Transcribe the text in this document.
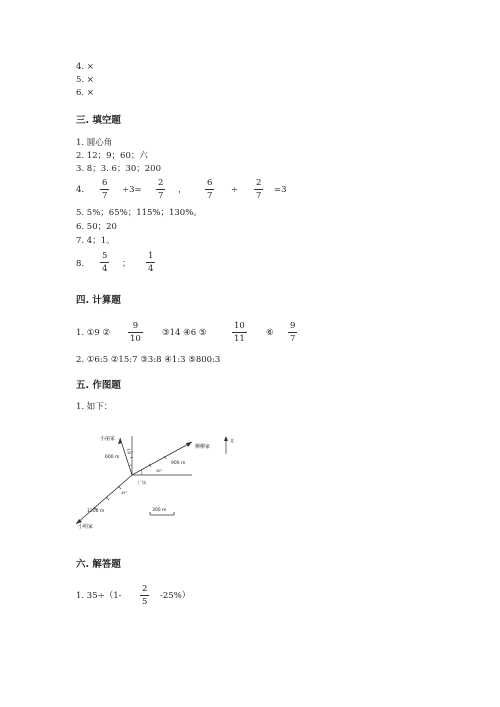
4. ×
5. ×
6. ×
三. 填空题
1. 圆心角
2. 12；9；60；六
3. 8；3. 6；30；200
4.
6
7
÷3=
2
7
，
6
7
÷
2
7
=3
5. 5%；65%；115%；130%。
6. 50；20
7. 4；1。
8.
5
4 ；
1
4
四. 计算题
1. ①9 ②
9
10
③14 ④6 ⑤
10
11
⑥
9
7
2. ①6:5 ②15:7 ③3:8 ④1:3 ⑤800:3
五. 作图题
1. 如下：
小丽家
柳柳家
小明家
广场
北
600 m
900 m
1200 m
30°
30°
45°
300 m
六. 解答题
1. 35÷（1-
2
5
-25%）
